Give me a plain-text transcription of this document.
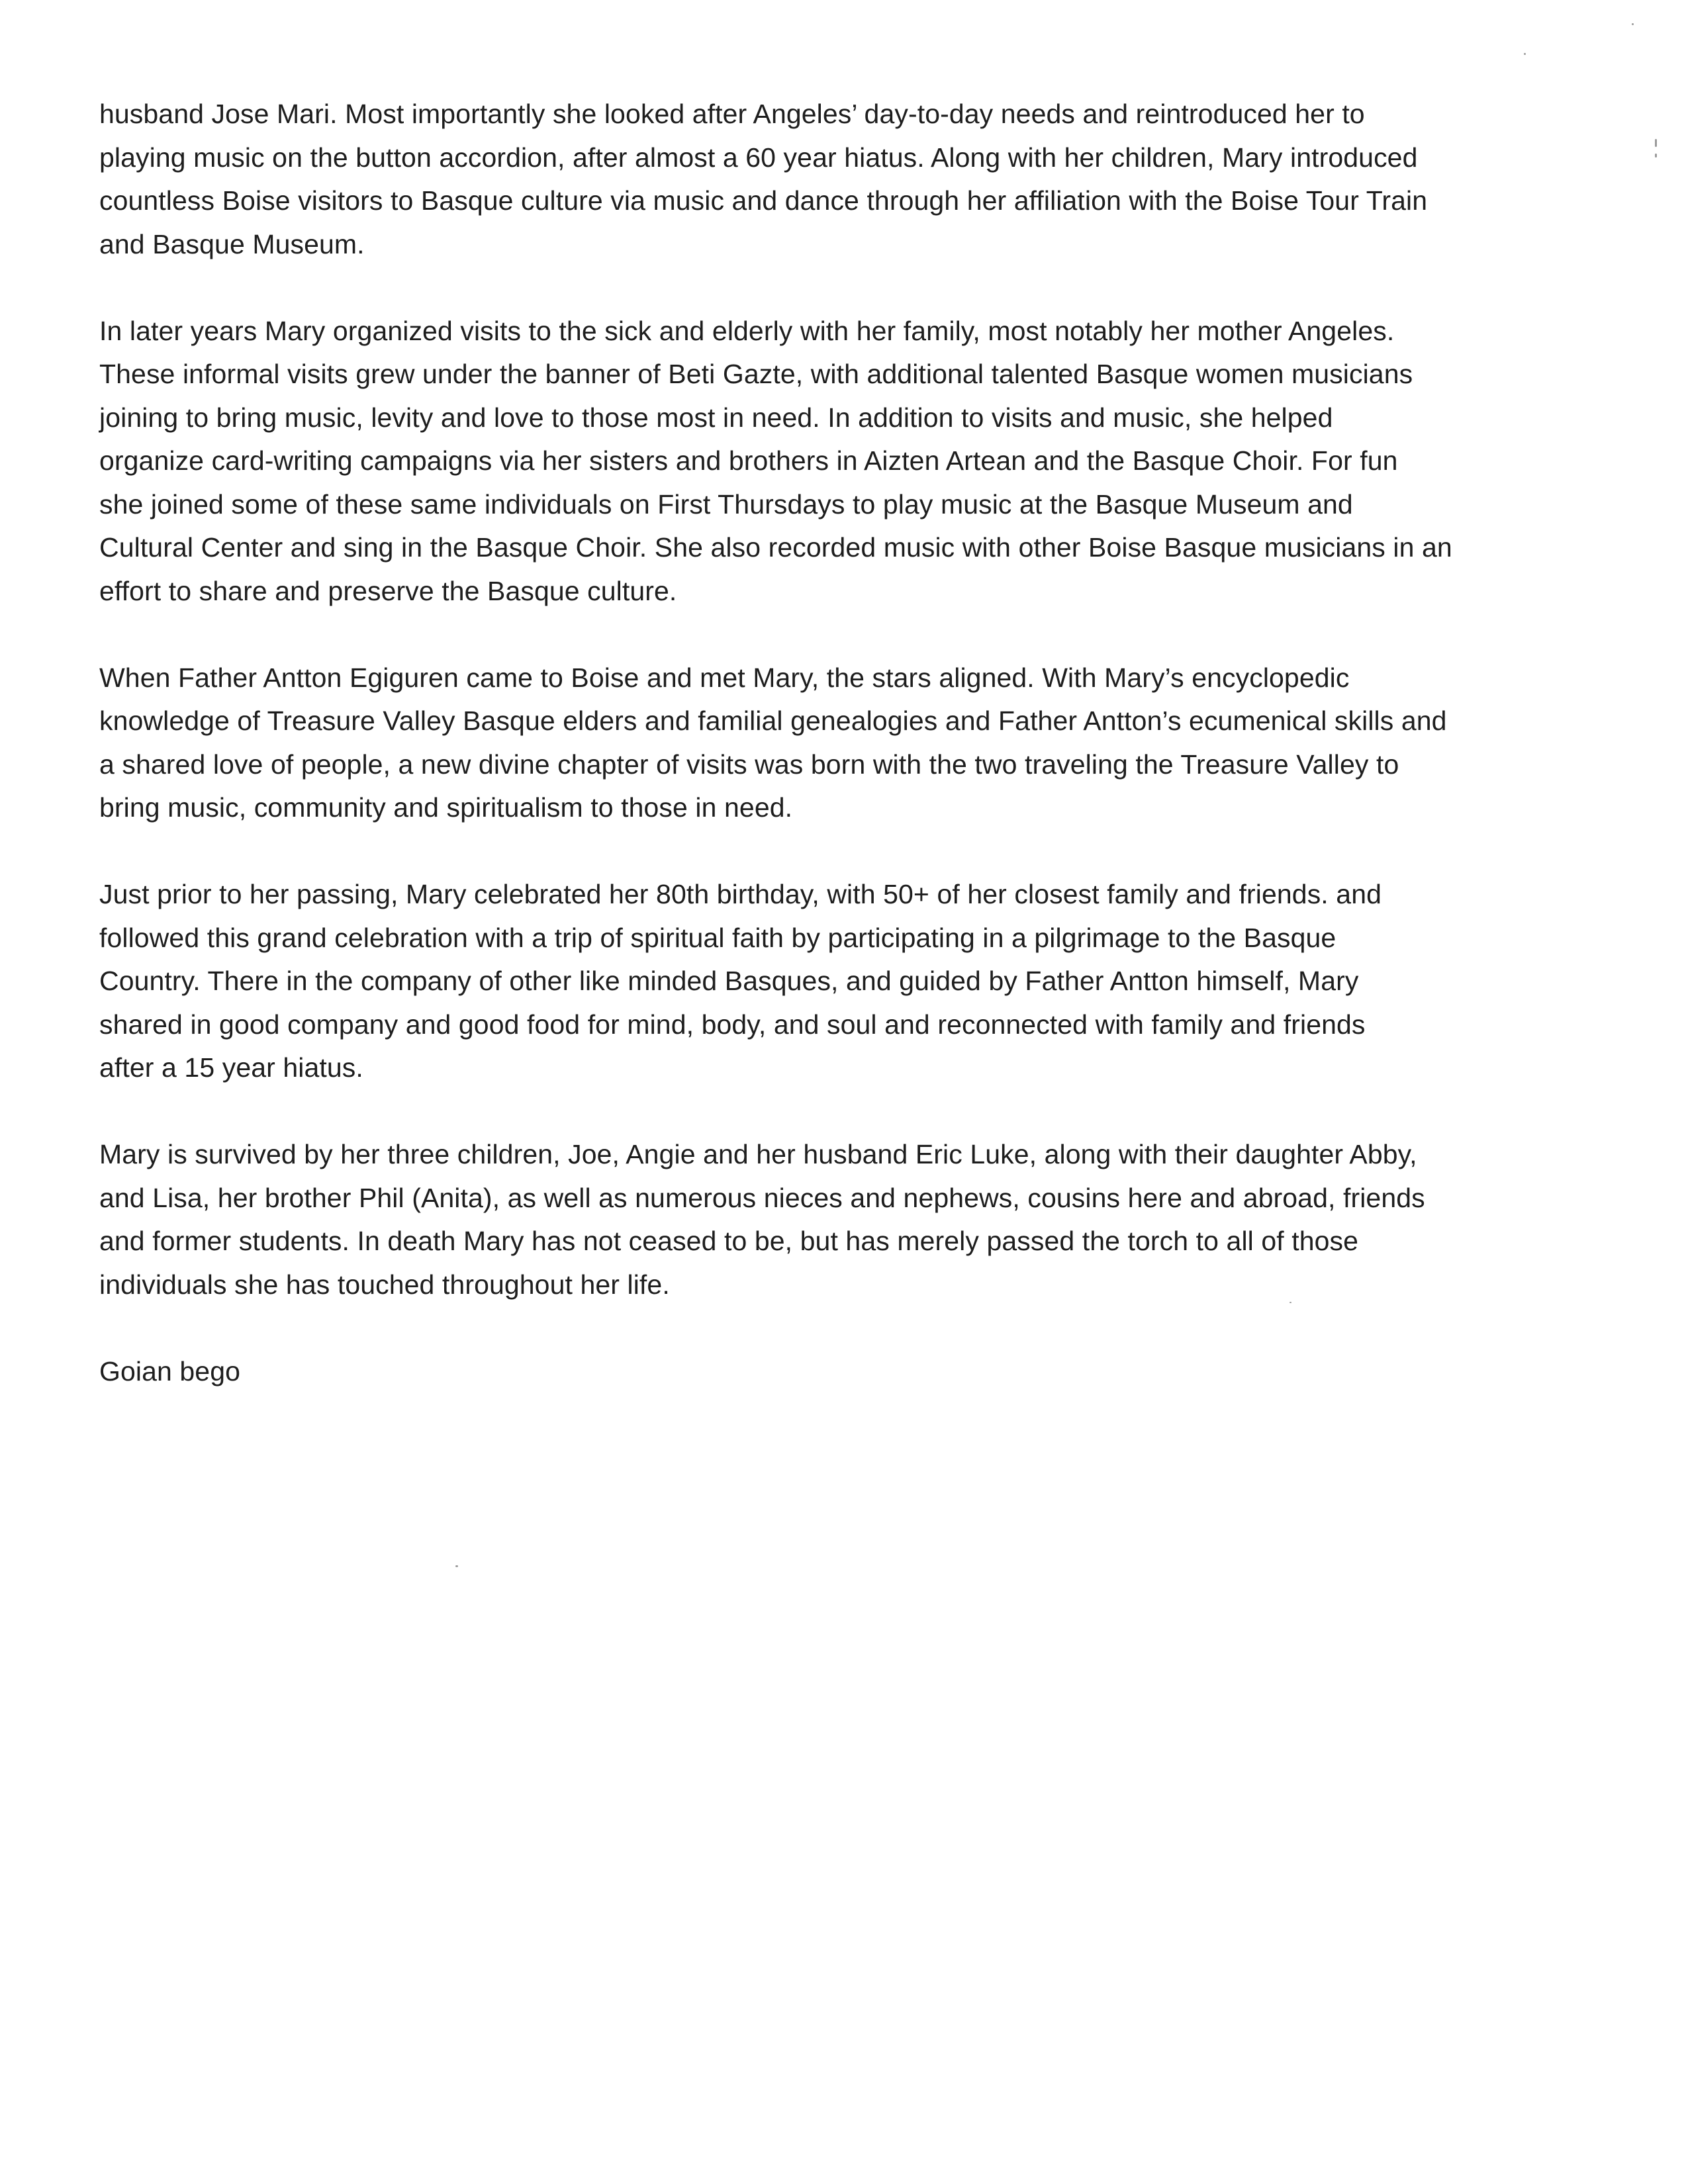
husband Jose Mari. Most importantly she looked after Angeles’ day-to-day needs and reintroduced her to
playing music on the button accordion, after almost a 60 year hiatus. Along with her children, Mary introduced
countless Boise visitors to Basque culture via music and dance through her affiliation with the Boise Tour Train
and Basque Museum.

In later years Mary organized visits to the sick and elderly with her family, most notably her mother Angeles.
These informal visits grew under the banner of Beti Gazte, with additional talented Basque women musicians
joining to bring music, levity and love to those most in need. In addition to visits and music, she helped
organize card-writing campaigns via her sisters and brothers in Aizten Artean and the Basque Choir. For fun
she joined some of these same individuals on First Thursdays to play music at the Basque Museum and
Cultural Center and sing in the Basque Choir. She also recorded music with other Boise Basque musicians in an
effort to share and preserve the Basque culture.

When Father Antton Egiguren came to Boise and met Mary, the stars aligned. With Mary’s encyclopedic
knowledge of Treasure Valley Basque elders and familial genealogies and Father Antton’s ecumenical skills and
a shared love of people, a new divine chapter of visits was born with the two traveling the Treasure Valley to
bring music, community and spiritualism to those in need.

Just prior to her passing, Mary celebrated her 80th birthday, with 50+ of her closest family and friends. and
followed this grand celebration with a trip of spiritual faith by participating in a pilgrimage to the Basque
Country. There in the company of other like minded Basques, and guided by Father Antton himself, Mary
shared in good company and good food for mind, body, and soul and reconnected with family and friends
after a 15 year hiatus.

Mary is survived by her three children, Joe, Angie and her husband Eric Luke, along with their daughter Abby,
and Lisa, her brother Phil (Anita), as well as numerous nieces and nephews, cousins here and abroad, friends
and former students. In death Mary has not ceased to be, but has merely passed the torch to all of those
individuals she has touched throughout her life.

Goian bego
